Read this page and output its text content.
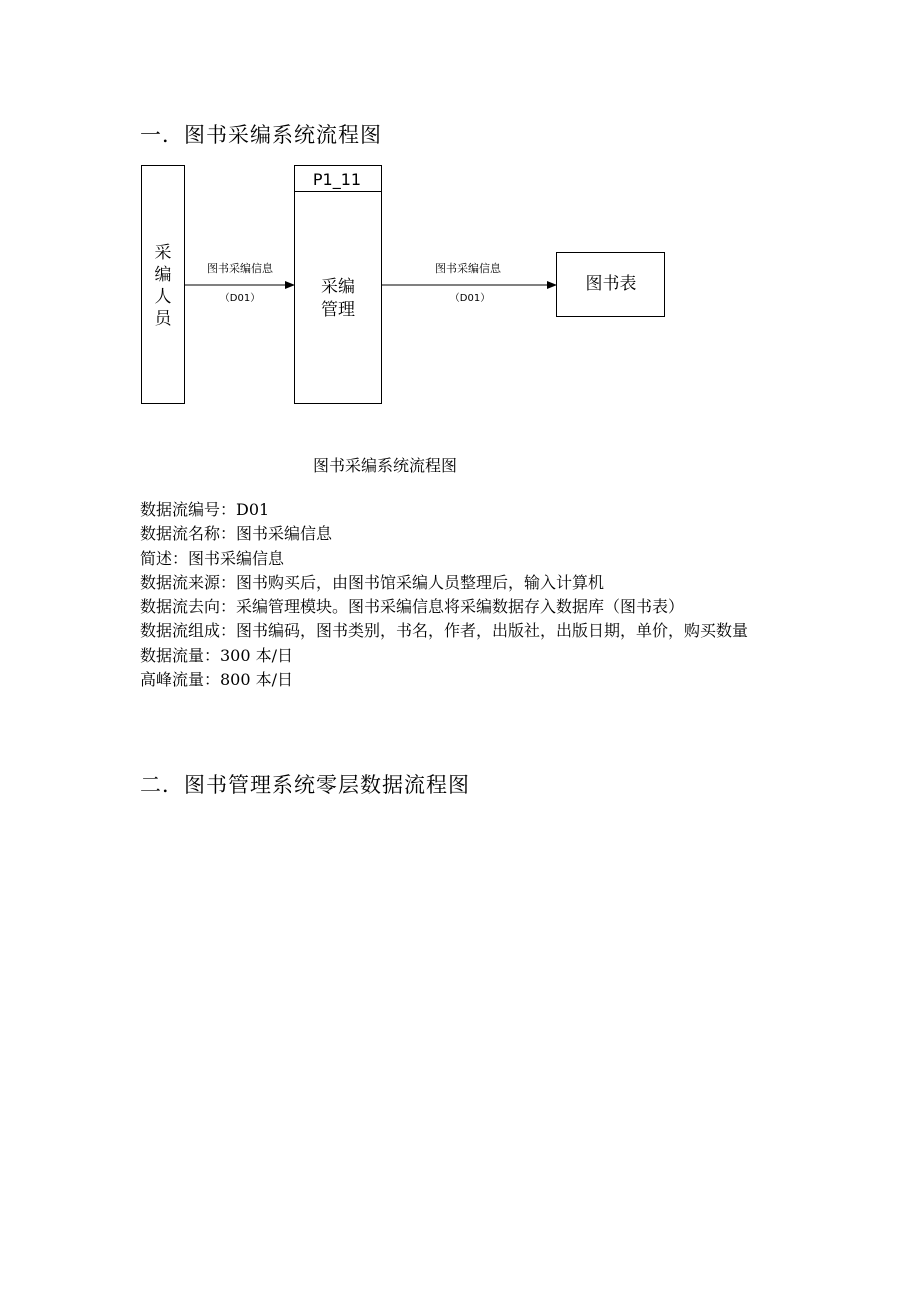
一．图书采编系统流程图
采
编
人
员
图书采编信息
（D01）
P1_11
采编
管理
图书采编信息
（D01）
图书表
图书采编系统流程图
数据流编号：D01
数据流名称：图书采编信息
简述：图书采编信息
数据流来源：图书购买后，由图书馆采编人员整理后，输入计算机
数据流去向：采编管理模块。图书采编信息将采编数据存入数据库（图书表）
数据流组成：图书编码，图书类别，书名，作者，出版社，出版日期，单价，购买数量
数据流量：300 本/日
高峰流量：800 本/日
二．图书管理系统零层数据流程图
